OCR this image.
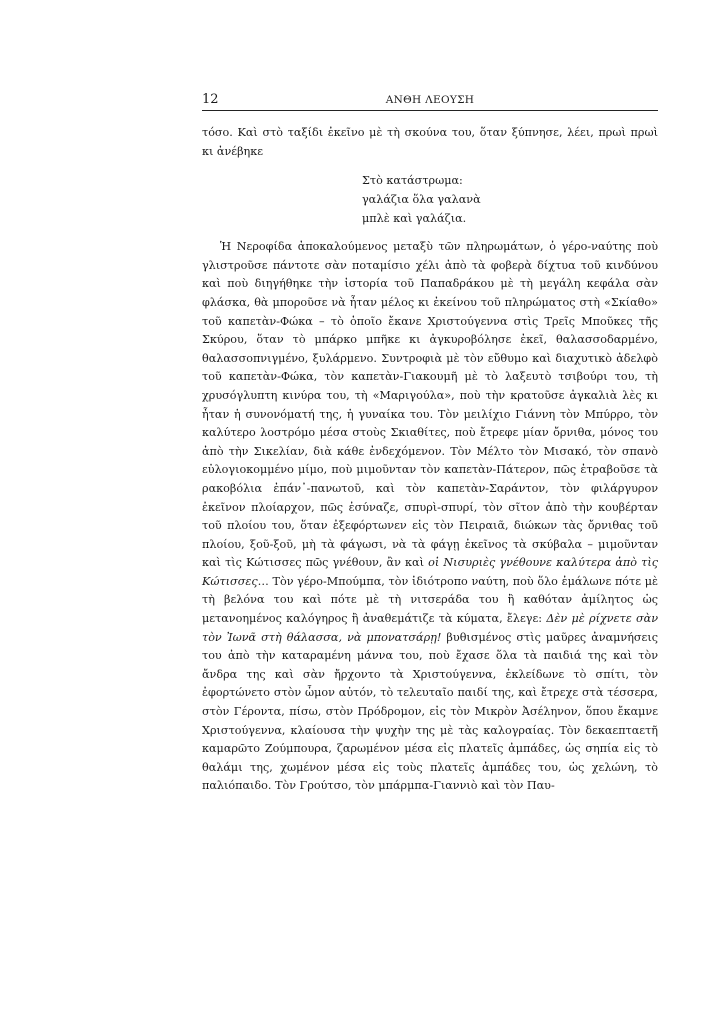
12	ΑΝΘΗ ΛΕΟΥΣΗ

τόσο. Καὶ στὸ ταξίδι ἐκεῖνο μὲ τὴ σκούνα του, ὅταν ξύπνησε, λέει, πρωὶ πρωὶ κι ἀνέβηκε

Στὸ κατάστρωμα:
γαλάζια ὅλα γαλανὰ
μπλὲ καὶ γαλάζια.

Ἡ Νεροφίδα ἀποκαλούμενος μεταξὺ τῶν πληρωμάτων, ὁ γέρο-ναύτης ποὺ γλιστροῦσε πάντοτε σὰν ποταμίσιο χέλι ἀπὸ τὰ φοβερὰ δίχτυα τοῦ κινδύνου καὶ ποὺ διηγήθηκε τὴν ἱστορία τοῦ Παπαδράκου μὲ τὴ μεγάλη κεφάλα σὰν φλάσκα, θὰ μποροῦσε νὰ ἦταν μέλος κι ἐκείνου τοῦ πληρώματος στὴ «Σκίαθο» τοῦ καπετὰν-Φώκα – τὸ ὁποῖο ἔκανε Χριστούγεννα στὶς Τρεῖς Μποῦκες τῆς Σκύρου, ὅταν τὸ μπάρκο μπῆκε κι ἀγκυροβόλησε ἐκεῖ, θαλασσοδαρμένο, θαλασσοπνιγμένο, ξυλάρμενο. Συντροφιὰ μὲ τὸν εὔθυμο καὶ διαχυτικὸ ἀδελφὸ τοῦ καπετὰν-Φώκα, τὸν καπετὰν-Γιακουμῆ μὲ τὸ λαξευτὸ τσιβούρι του, τὴ χρυσόγλυπτη κινύρα του, τὴ «Μαριγούλα», ποὺ τὴν κρατοῦσε ἀγκαλιὰ λὲς κι ἦταν ἡ συνονόματή της, ἡ γυναίκα του. Τὸν μειλίχιο Γιάννη τὸν Μπύρρο, τὸν καλύτερο λοστρόμο μέσα στοὺς Σκιαθίτες, ποὺ ἔτρεφε μίαν ὄρνιθα, μόνος του ἀπὸ τὴν Σικελίαν, διὰ κάθε ἐνδεχόμενον. Τὸν Μέλτο τὸν Μισακό, τὸν σπανὸ εὐλογιοκομμένο μίμο, ποὺ μιμοῦνταν τὸν καπετὰν-Πάτερον, πῶς ἐτραβοῦσε τὰ ρακοβόλια ἐπάν᾽-πανωτοῦ, καὶ τὸν καπετὰν-Σαράντον, τὸν φιλάργυρον ἐκεῖνον πλοίαρχον, πῶς ἐσύναζε, σπυρὶ-σπυρί, τὸν σῖτον ἀπὸ τὴν κουβέρταν τοῦ πλοίου του, ὅταν ἐξεφόρτωνεν εἰς τὸν Πειραιᾶ, διώκων τὰς ὄρνιθας τοῦ πλοίου, ξοῦ-ξοῦ, μὴ τὰ φάγωσι, νὰ τὰ φάγῃ ἐκεῖνος τὰ σκύβαλα – μιμοῦνταν καὶ τὶς Κώτισσες πῶς γνέθουν, ἂν καὶ οἱ Νισυριὲς γνέθουνε καλύτερα ἀπὸ τὶς Κώτισσες… Τὸν γέρο-Μπούμπα, τὸν ἰδιότροπο ναύτη, ποὺ ὅλο ἐμάλωνε πότε μὲ τὴ βελόνα του καὶ πότε μὲ τὴ νιτσεράδα του ἢ καθόταν ἀμίλητος ὡς μετανοημένος καλόγηρος ἢ ἀναθεμάτιζε τὰ κύματα, ἔλεγε: Δὲν μὲ ρίχνετε σὰν τὸν Ἰωνᾶ στὴ θάλασσα, νὰ μπονατσάρῃ! βυθισμένος στὶς μαῦρες ἀναμνήσεις του ἀπὸ τὴν καταραμένη μάννα του, ποὺ ἔχασε ὅλα τὰ παιδιά της καὶ τὸν ἄνδρα της καὶ σὰν ἤρχοντο τὰ Χριστούγεννα, ἐκλείδωνε τὸ σπίτι, τὸν ἐφορτώνετο στὸν ὦμον αὐτόν, τὸ τελευταῖο παιδί της, καὶ ἔτρεχε στὰ τέσσερα, στὸν Γέροντα, πίσω, στὸν Πρόδρομον, εἰς τὸν Μικρὸν Ἀσέληνον, ὅπου ἔκαμνε Χριστούγεννα, κλαίουσα τὴν ψυχὴν της μὲ τὰς καλογραίας. Τὸν δεκαεπταετῆ καμαρῶτο Ζούμπουρα, ζαρωμένον μέσα εἰς πλατεῖς ἀμπάδες, ὡς σηπία εἰς τὸ θαλάμι της, χωμένον μέσα εἰς τοὺς πλατεῖς ἀμπάδες του, ὡς χελώνη, τὸ παλιόπαιδο. Τὸν Γρούτσο, τὸν μπάρμπα-Γιαννιὸ καὶ τὸν Παυ-
